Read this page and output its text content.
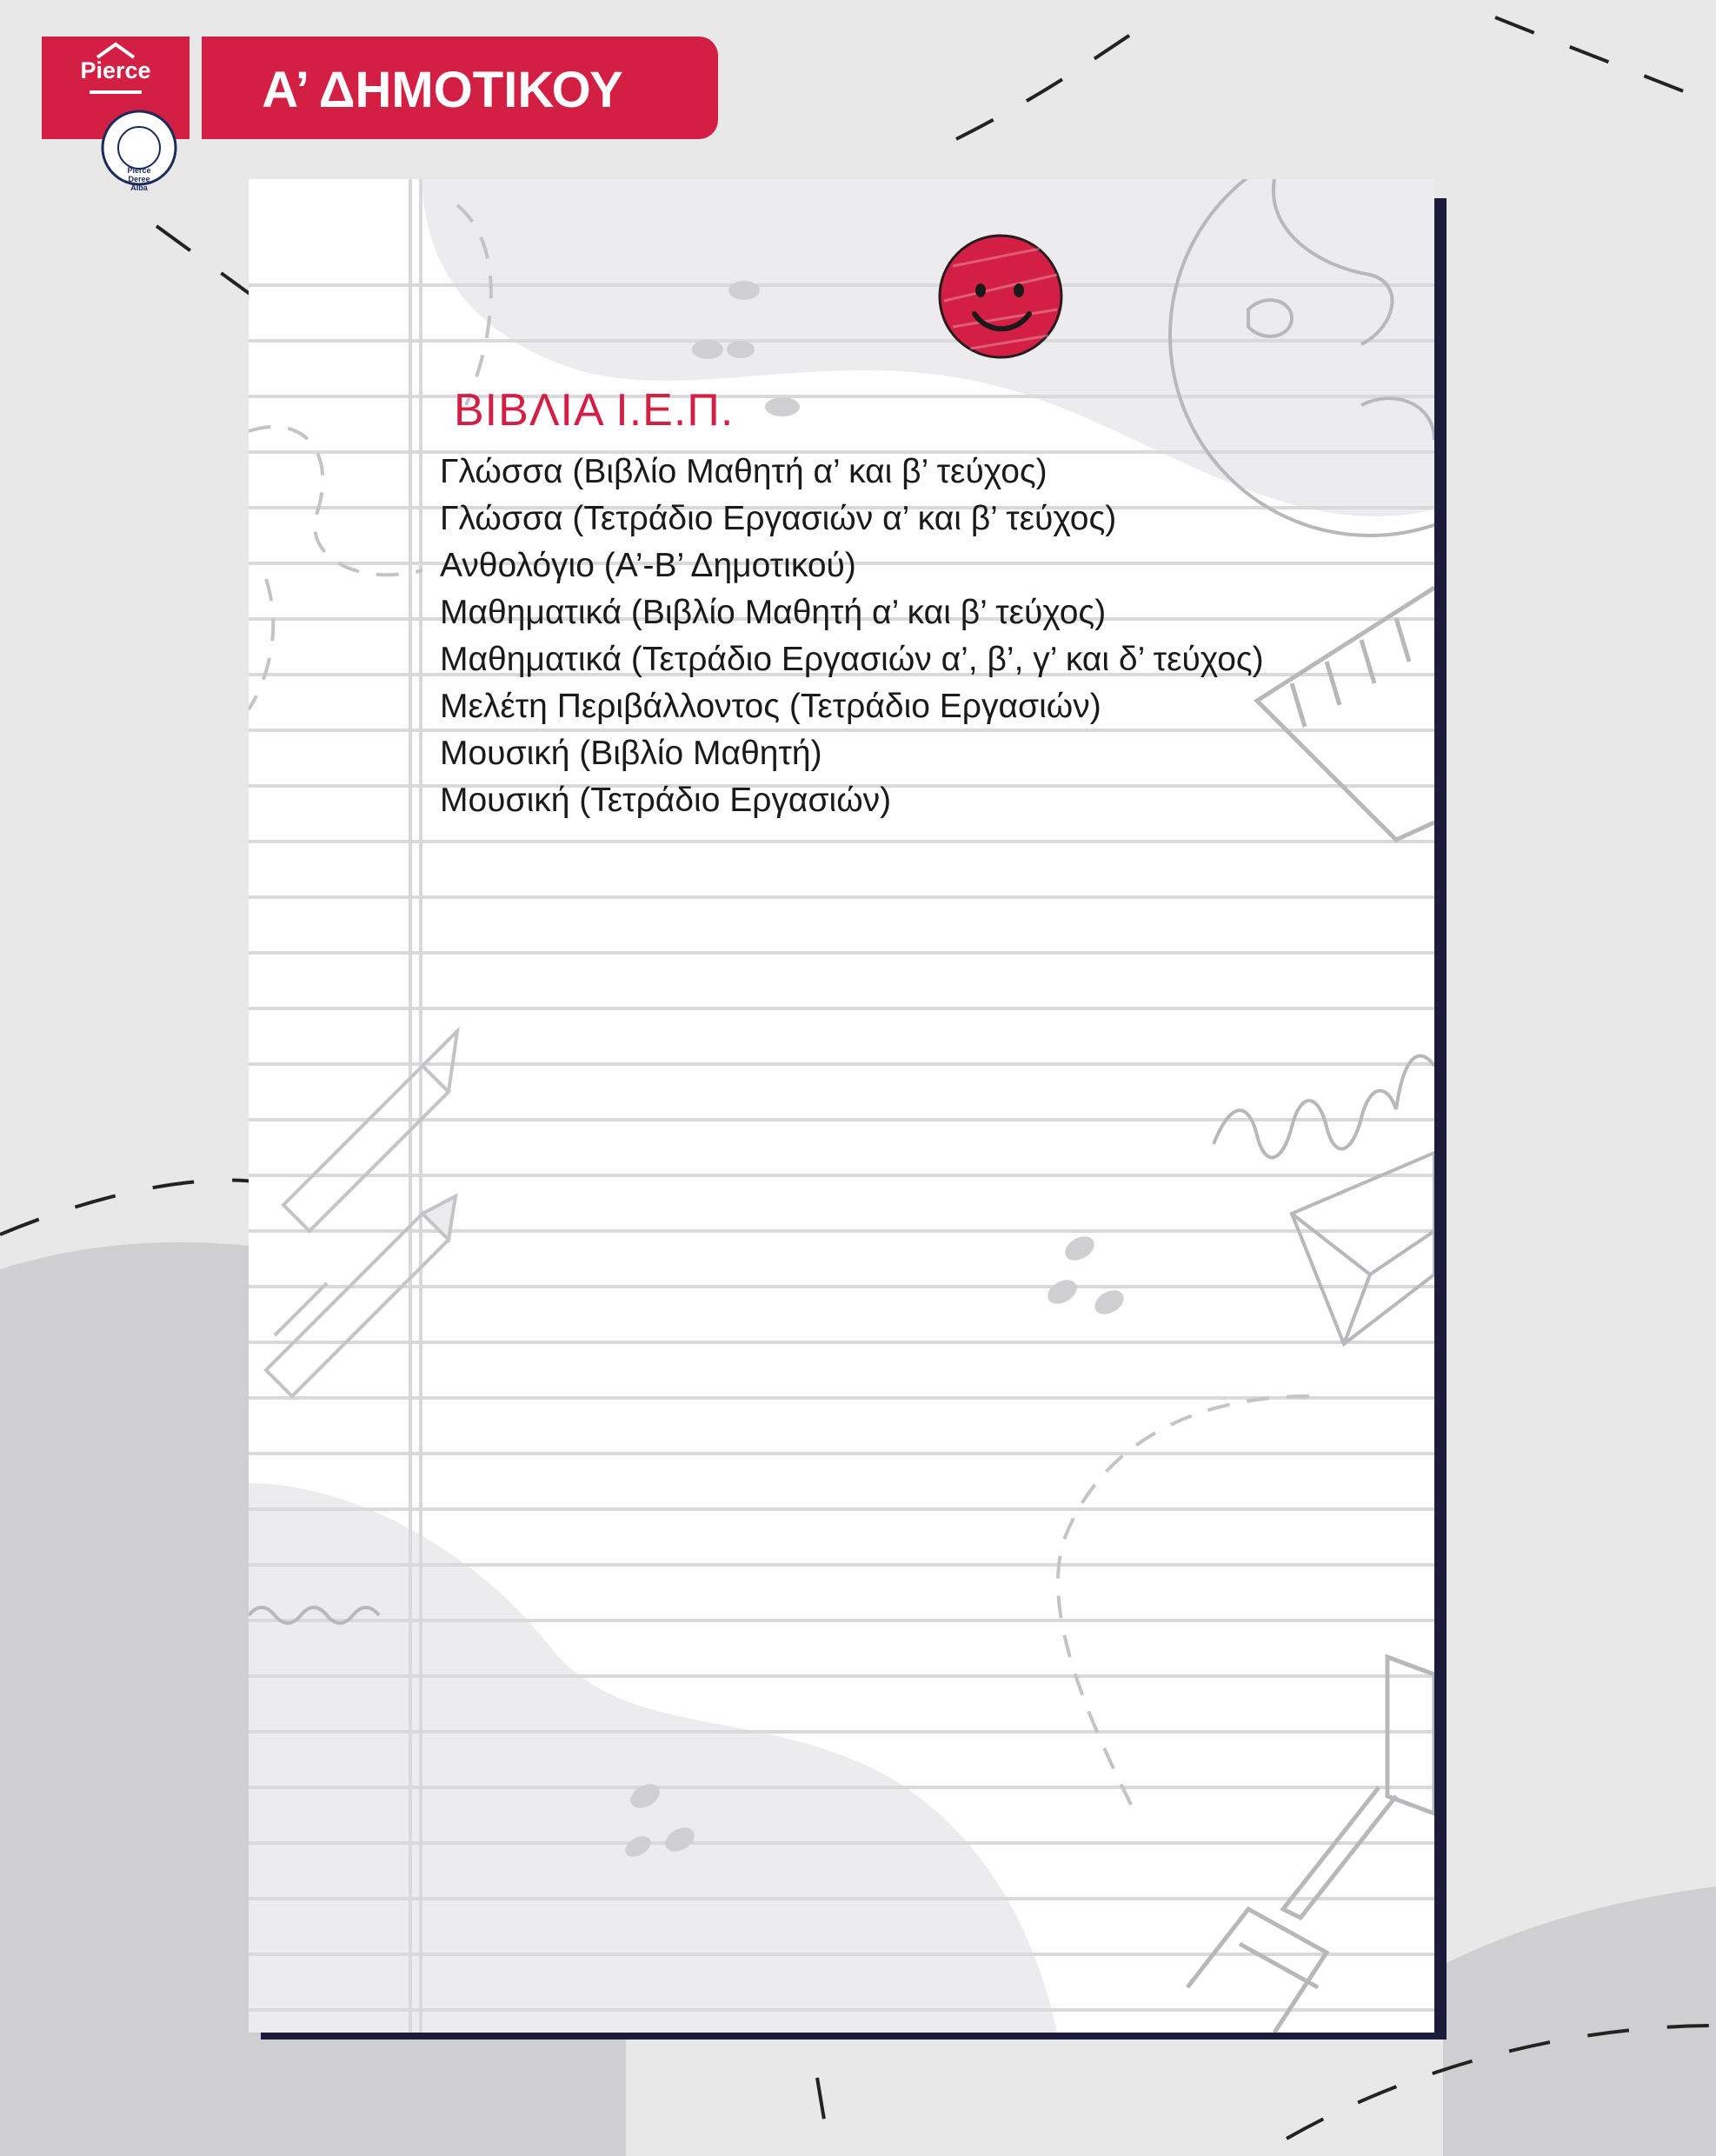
Pierce
Pierce
Deree
Alba
Α’ ΔΗΜΟΤΙΚΟΥ
ΒΙΒΛΙΑ Ι.Ε.Π.
Γλώσσα (Βιβλίο Μαθητή α’ και β’ τεύχος)
Γλώσσα (Τετράδιο Εργασιών α’ και β’ τεύχος)
Ανθολόγιο (Α’-Β’ Δημοτικού)
Μαθηματικά (Βιβλίο Μαθητή α’ και β’ τεύχος)
Μαθηματικά (Τετράδιο Εργασιών α’, β’, γ’ και δ’ τεύχος)
Μελέτη Περιβάλλοντος (Τετράδιο Εργασιών)
Μουσική (Βιβλίο Μαθητή)
Μουσική (Τετράδιο Εργασιών)
